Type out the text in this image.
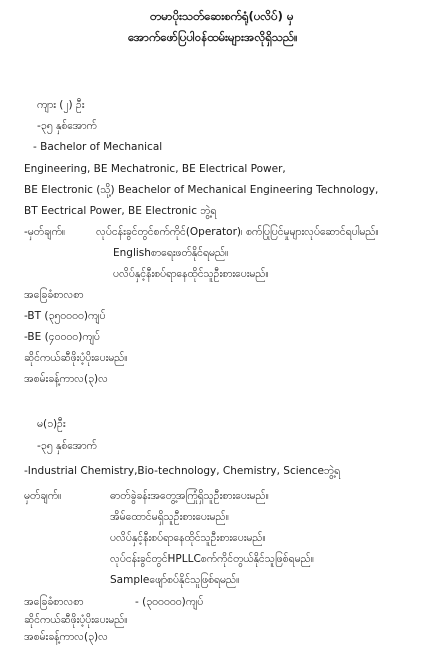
တမာပိုးသတ်ဆေးစက်ရုံ(ပလိပ်) မှ
အောက်ဖော်ပြပါဝန်ထမ်းများအလိုရှိသည်။
ကျား (၂) ဦး
-၃၅ နှစ်အောက်
- Bachelor of Mechanical
Engineering, BE Mechatronic, BE Electrical Power,
BE Electronic (သို့) Beachelor of Mechanical Engineering Technology,
BT Eectrical Power, BE Electronic ဘွဲ့ရ
-မှတ်ချက်။	လုပ်ငန်းခွင်တွင်စက်ကိုင်(Operator)၊ စက်ပြုပြင်မှုများလုပ်ဆောင်ရပါမည်။
Englishစာရေးဖတ်နိုင်ရမည်။
ပလိပ်နှင့်နီးစပ်ရာနေထိုင်သူဦးစားပေးမည်။
အခြေခံစာလစာ
-BT (၃၅၀၀၀၀)ကျပ်
-BE (၄၀၀၀၀)ကျပ်
ဆိုင်ကယ်ဆီဖိုးပံ့ပိုးပေးမည်။
အစမ်းခန့်ကာလ(၃)လ
မ(၁)ဦး
-၃၅ နှစ်အောက်
-Industrial Chemistry,Bio-technology, Chemistry, Scienceဘွဲ့ရ
မှတ်ချက်။	ဓာတ်ခွဲခန်းအတွေ့အကြုံရှိသူဦးစားပေးမည်။
အိမ်ထောင်မရှိသူဦးစားပေးမည်။
ပလိပ်နှင့်နီးစပ်ရာနေထိုင်သူဦးစားပေးမည်။
လုပ်ငန်းခွင်တွင်HPLLCစက်ကိုင်တွယ်နိုင်သူဖြစ်ရမည်။
Sampleဖျော်စပ်နိုင်သူဖြစ်ရမည်။
အခြေခံစာလစာ	- (၃၀၀၀၀၀)ကျပ်
ဆိုင်ကယ်ဆီဖိုးပံ့ပိုးပေးမည်။
အစမ်းခန့်ကာလ(၃)လ
